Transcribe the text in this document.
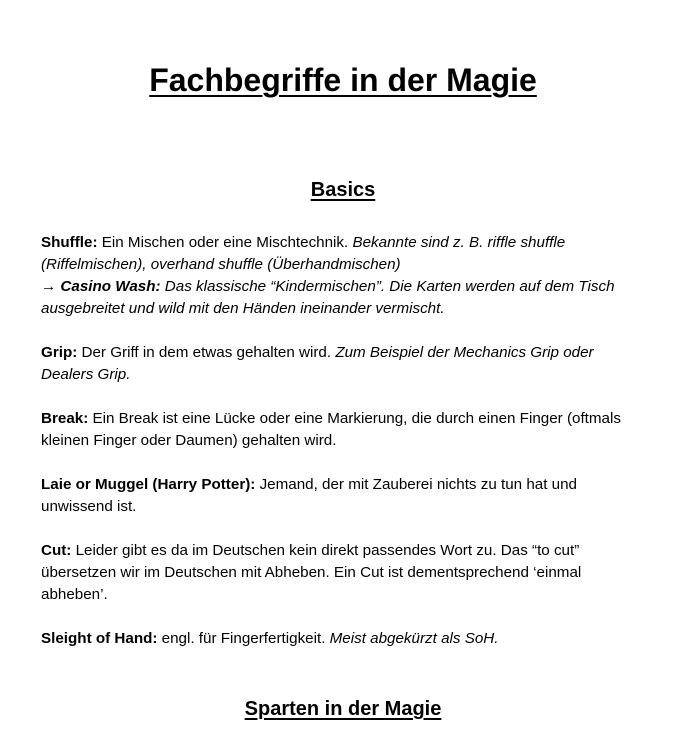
Fachbegriffe in der Magie
Basics

Shuffle: Ein Mischen oder eine Mischtechnik. Bekannte sind z. B. riffle shuffle (Riffelmischen), overhand shuffle (Überhandmischen)
→ Casino Wash: Das klassische “Kindermischen”. Die Karten werden auf dem Tisch ausgebreitet und wild mit den Händen ineinander vermischt.

Grip: Der Griff in dem etwas gehalten wird. Zum Beispiel der Mechanics Grip oder Dealers Grip.

Break: Ein Break ist eine Lücke oder eine Markierung, die durch einen Finger (oftmals kleinen Finger oder Daumen) gehalten wird.

Laie or Muggel (Harry Potter): Jemand, der mit Zauberei nichts zu tun hat und unwissend ist.

Cut: Leider gibt es da im Deutschen kein direkt passendes Wort zu. Das “to cut” übersetzen wir im Deutschen mit Abheben. Ein Cut ist dementsprechend ‘einmal abheben’.

Sleight of Hand: engl. für Fingerfertigkeit. Meist abgekürzt als SoH.

Sparten in der Magie
